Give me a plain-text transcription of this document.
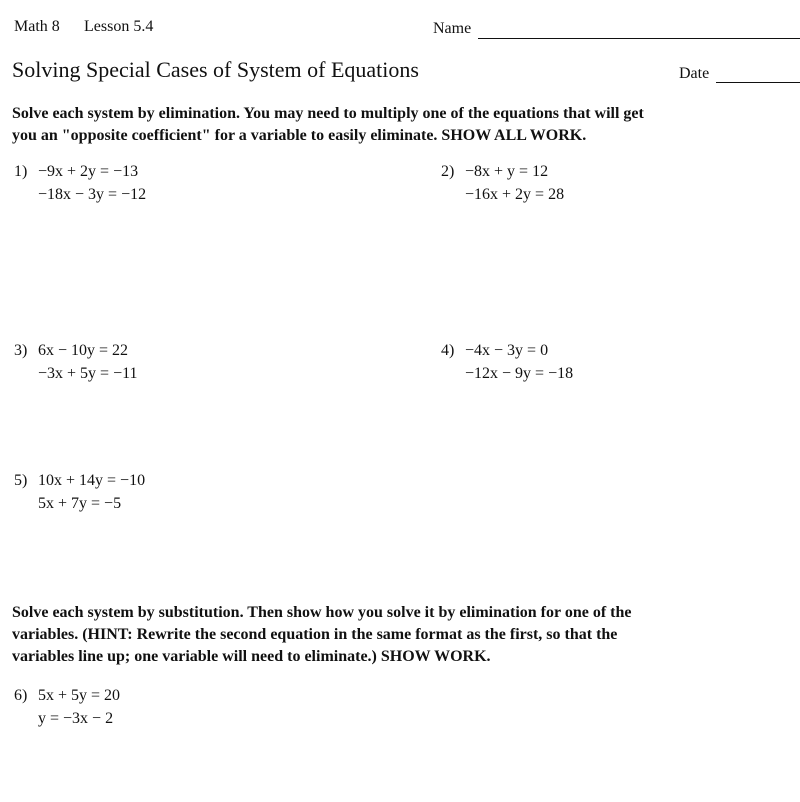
Math 8 Lesson 5.4	Name
Solving Special Cases of System of Equations	Date
Solve each system by elimination. You may need to multiply one of the equations that will get
you an "opposite coefficient" for a variable to easily eliminate. SHOW ALL WORK.
1) −9x + 2y = −13
−18x − 3y = −12
2) −8x + y = 12
−16x + 2y = 28
3) 6x − 10y = 22
−3x + 5y = −11
4) −4x − 3y = 0
−12x − 9y = −18
5) 10x + 14y = −10
5x + 7y = −5
Solve each system by substitution. Then show how you solve it by elimination for one of the
variables. (HINT: Rewrite the second equation in the same format as the first, so that the
variables line up; one variable will need to eliminate.) SHOW WORK.
6) 5x + 5y = 20
y = −3x − 2
